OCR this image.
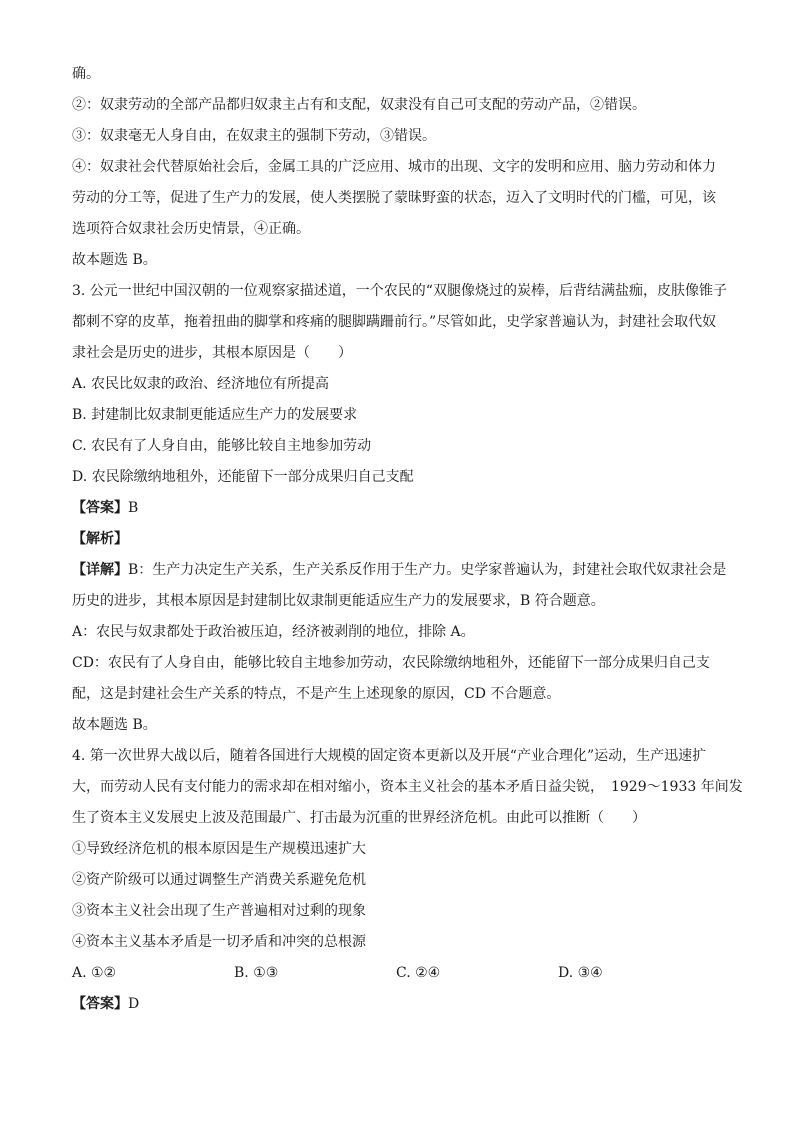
确。
②：奴隶劳动的全部产品都归奴隶主占有和支配，奴隶没有自己可支配的劳动产品，②错误。
③：奴隶毫无人身自由，在奴隶主的强制下劳动，③错误。
④：奴隶社会代替原始社会后，金属工具的广泛应用、城市的出现、文字的发明和应用、脑力劳动和体力
劳动的分工等，促进了生产力的发展，使人类摆脱了蒙昧野蛮的状态，迈入了文明时代的门槛，可见，该
选项符合奴隶社会历史情景，④正确。
故本题选 B。
3. 公元一世纪中国汉朝的一位观察家描述道，一个农民的“双腿像烧过的炭棒，后背结满盐痂，皮肤像锥子
都刺不穿的皮革，拖着扭曲的脚掌和疼痛的腿脚蹒跚前行。”尽管如此，史学家普遍认为，封建社会取代奴
隶社会是历史的进步，其根本原因是（　　）
A. 农民比奴隶的政治、经济地位有所提高
B. 封建制比奴隶制更能适应生产力的发展要求
C. 农民有了人身自由，能够比较自主地参加劳动
D. 农民除缴纳地租外，还能留下一部分成果归自己支配
【答案】B
【解析】
【详解】B：生产力决定生产关系，生产关系反作用于生产力。史学家普遍认为，封建社会取代奴隶社会是
历史的进步，其根本原因是封建制比奴隶制更能适应生产力的发展要求，B 符合题意。
A：农民与奴隶都处于政治被压迫，经济被剥削的地位，排除 A。
CD：农民有了人身自由，能够比较自主地参加劳动，农民除缴纳地租外，还能留下一部分成果归自己支
配，这是封建社会生产关系的特点，不是产生上述现象的原因，CD 不合题意。
故本题选 B。
4. 第一次世界大战以后，随着各国进行大规模的固定资本更新以及开展“产业合理化”运动，生产迅速扩
大，而劳动人民有支付能力的需求却在相对缩小，资本主义社会的基本矛盾日益尖锐，　1929～1933 年间发
生了资本主义发展史上波及范围最广、打击最为沉重的世界经济危机。由此可以推断（　　）
①导致经济危机的根本原因是生产规模迅速扩大
②资产阶级可以通过调整生产消费关系避免危机
③资本主义社会出现了生产普遍相对过剩的现象
④资本主义基本矛盾是一切矛盾和冲突的总根源
A. ①②	B. ①③	C. ②④	D. ③④
【答案】D
